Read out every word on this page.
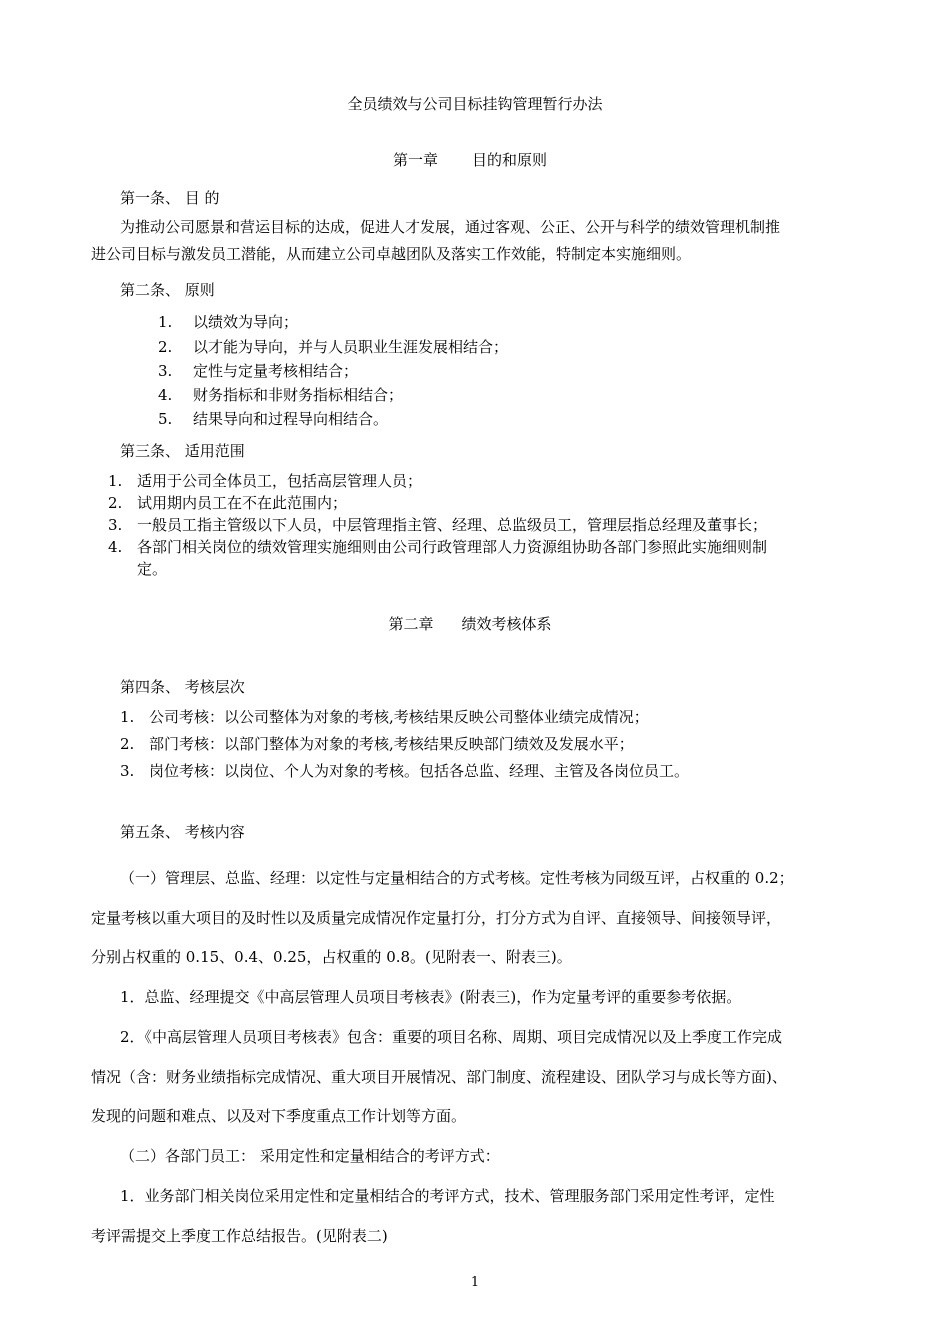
全员绩效与公司目标挂钩管理暂行办法
第一章 目的和原则
第一条、 目 的
为推动公司愿景和营运目标的达成，促进人才发展，通过客观、公正、公开与科学的绩效管理机制推
进公司目标与激发员工潜能，从而建立公司卓越团队及落实工作效能，特制定本实施细则。
第二条、 原则
1. 以绩效为导向；
2. 以才能为导向，并与人员职业生涯发展相结合；
3. 定性与定量考核相结合；
4. 财务指标和非财务指标相结合；
5. 结果导向和过程导向相结合。
第三条、 适用范围
1. 适用于公司全体员工，包括高层管理人员；
2. 试用期内员工在不在此范围内；
3. 一般员工指主管级以下人员，中层管理指主管、经理、总监级员工，管理层指总经理及董事长；
4. 各部门相关岗位的绩效管理实施细则由公司行政管理部人力资源组协助各部门参照此实施细则制
定。
第二章 绩效考核体系
第四条、 考核层次
1. 公司考核：以公司整体为对象的考核,考核结果反映公司整体业绩完成情况；
2. 部门考核：以部门整体为对象的考核,考核结果反映部门绩效及发展水平；
3. 岗位考核：以岗位、个人为对象的考核。包括各总监、经理、主管及各岗位员工。
第五条、 考核内容
（一）管理层、总监、经理：以定性与定量相结合的方式考核。定性考核为同级互评，占权重的 0.2；
定量考核以重大项目的及时性以及质量完成情况作定量打分，打分方式为自评、直接领导、间接领导评，
分别占权重的 0.15、0.4、0.25，占权重的 0.8。(见附表一、附表三)。
1．总监、经理提交《中高层管理人员项目考核表》(附表三)，作为定量考评的重要参考依据。
2．《中高层管理人员项目考核表》包含：重要的项目名称、周期、项目完成情况以及上季度工作完成
情况（含：财务业绩指标完成情况、重大项目开展情况、部门制度、流程建设、团队学习与成长等方面)、
发现的问题和难点、以及对下季度重点工作计划等方面。
（二）各部门员工： 采用定性和定量相结合的考评方式：
1．业务部门相关岗位采用定性和定量相结合的考评方式，技术、管理服务部门采用定性考评，定性
考评需提交上季度工作总结报告。(见附表二)
1
